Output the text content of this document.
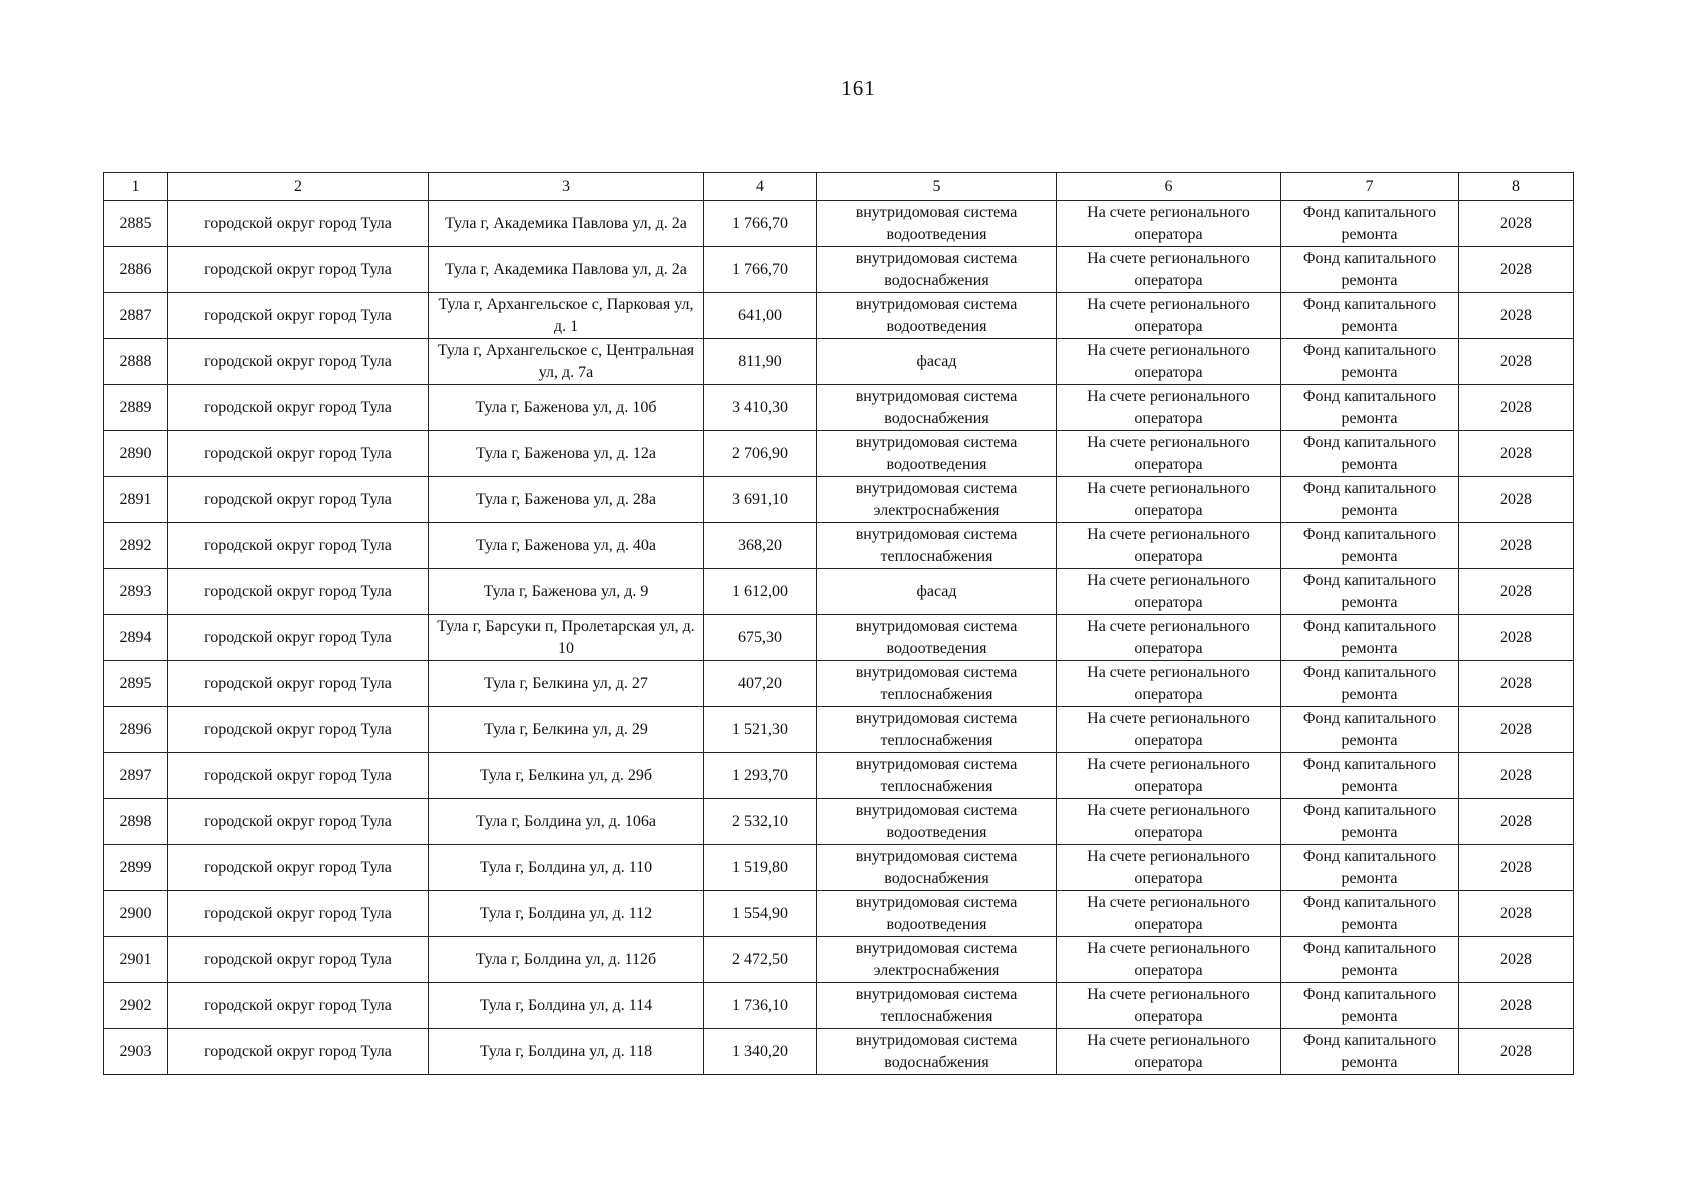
161
1	2	3	4	5	6	7	8
2885	городской округ город Тула	Тула г, Академика Павлова ул, д. 2а	1 766,70	внутридомовая система водоотведения	На счете регионального оператора	Фонд капитального ремонта	2028
2886	городской округ город Тула	Тула г, Академика Павлова ул, д. 2а	1 766,70	внутридомовая система водоснабжения	На счете регионального оператора	Фонд капитального ремонта	2028
2887	городской округ город Тула	Тула г, Архангельское с, Парковая ул, д. 1	641,00	внутридомовая система водоотведения	На счете регионального оператора	Фонд капитального ремонта	2028
2888	городской округ город Тула	Тула г, Архангельское с, Центральная ул, д. 7а	811,90	фасад	На счете регионального оператора	Фонд капитального ремонта	2028
2889	городской округ город Тула	Тула г, Баженова ул, д. 10б	3 410,30	внутридомовая система водоснабжения	На счете регионального оператора	Фонд капитального ремонта	2028
2890	городской округ город Тула	Тула г, Баженова ул, д. 12а	2 706,90	внутридомовая система водоотведения	На счете регионального оператора	Фонд капитального ремонта	2028
2891	городской округ город Тула	Тула г, Баженова ул, д. 28а	3 691,10	внутридомовая система электроснабжения	На счете регионального оператора	Фонд капитального ремонта	2028
2892	городской округ город Тула	Тула г, Баженова ул, д. 40а	368,20	внутридомовая система теплоснабжения	На счете регионального оператора	Фонд капитального ремонта	2028
2893	городской округ город Тула	Тула г, Баженова ул, д. 9	1 612,00	фасад	На счете регионального оператора	Фонд капитального ремонта	2028
2894	городской округ город Тула	Тула г, Барсуки п, Пролетарская ул, д. 10	675,30	внутридомовая система водоотведения	На счете регионального оператора	Фонд капитального ремонта	2028
2895	городской округ город Тула	Тула г, Белкина ул, д. 27	407,20	внутридомовая система теплоснабжения	На счете регионального оператора	Фонд капитального ремонта	2028
2896	городской округ город Тула	Тула г, Белкина ул, д. 29	1 521,30	внутридомовая система теплоснабжения	На счете регионального оператора	Фонд капитального ремонта	2028
2897	городской округ город Тула	Тула г, Белкина ул, д. 29б	1 293,70	внутридомовая система теплоснабжения	На счете регионального оператора	Фонд капитального ремонта	2028
2898	городской округ город Тула	Тула г, Болдина ул, д. 106а	2 532,10	внутридомовая система водоотведения	На счете регионального оператора	Фонд капитального ремонта	2028
2899	городской округ город Тула	Тула г, Болдина ул, д. 110	1 519,80	внутридомовая система водоснабжения	На счете регионального оператора	Фонд капитального ремонта	2028
2900	городской округ город Тула	Тула г, Болдина ул, д. 112	1 554,90	внутридомовая система водоотведения	На счете регионального оператора	Фонд капитального ремонта	2028
2901	городской округ город Тула	Тула г, Болдина ул, д. 112б	2 472,50	внутридомовая система электроснабжения	На счете регионального оператора	Фонд капитального ремонта	2028
2902	городской округ город Тула	Тула г, Болдина ул, д. 114	1 736,10	внутридомовая система теплоснабжения	На счете регионального оператора	Фонд капитального ремонта	2028
2903	городской округ город Тула	Тула г, Болдина ул, д. 118	1 340,20	внутридомовая система водоснабжения	На счете регионального оператора	Фонд капитального ремонта	2028
